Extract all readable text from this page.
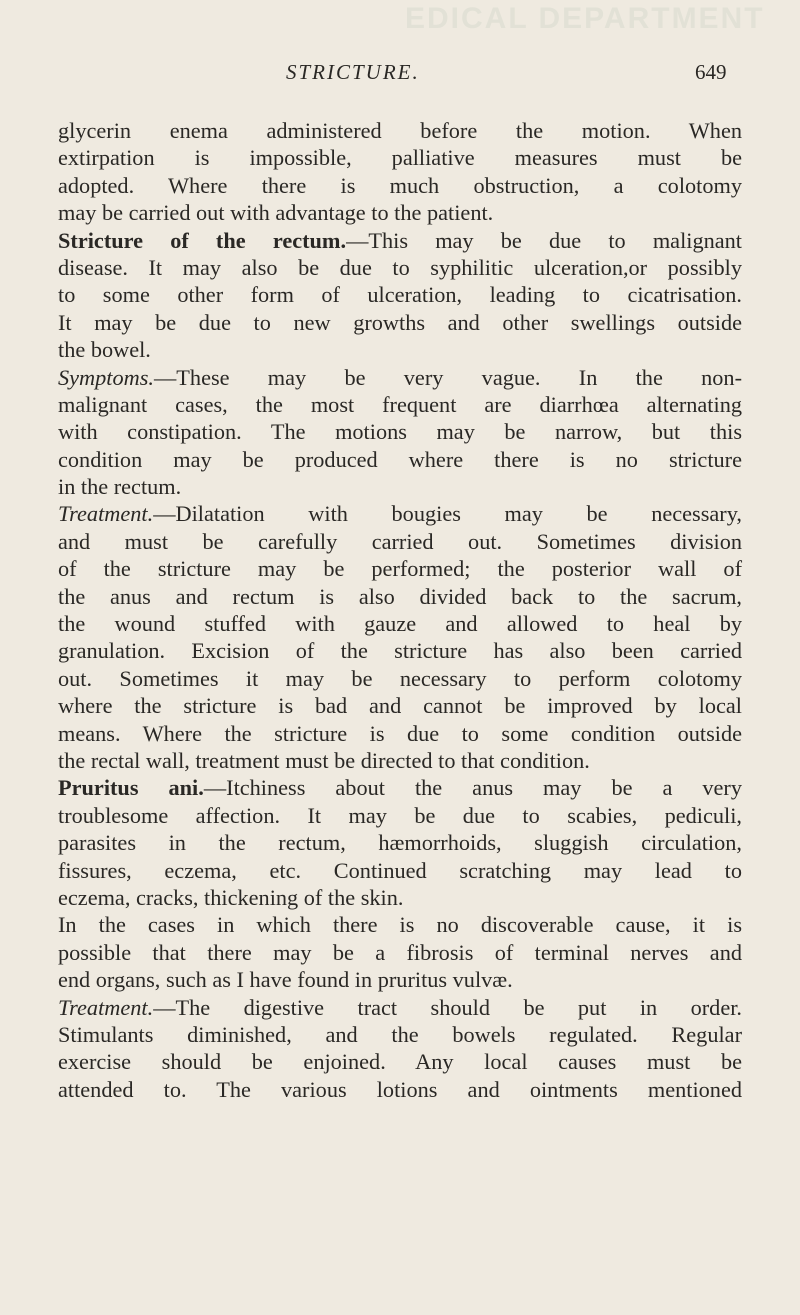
EDICAL DEPARTMENT
STRICTURE.	649
glycerin enema administered before the motion. When
extirpation is impossible, palliative measures must be
adopted. Where there is much obstruction, a colotomy
may be carried out with advantage to the patient.
Stricture of the rectum.—This may be due to malignant
disease. It may also be due to syphilitic ulceration,or possibly
to some other form of ulceration, leading to cicatrisation.
It may be due to new growths and other swellings outside
the bowel.
Symptoms.—These may be very vague. In the non-
malignant cases, the most frequent are diarrhœa alternating
with constipation. The motions may be narrow, but this
condition may be produced where there is no stricture
in the rectum.
Treatment.—Dilatation with bougies may be necessary,
and must be carefully carried out. Sometimes division
of the stricture may be performed; the posterior wall of
the anus and rectum is also divided back to the sacrum,
the wound stuffed with gauze and allowed to heal by
granulation. Excision of the stricture has also been carried
out. Sometimes it may be necessary to perform colotomy
where the stricture is bad and cannot be improved by local
means. Where the stricture is due to some condition outside
the rectal wall, treatment must be directed to that condition.
Pruritus ani.—Itchiness about the anus may be a very
troublesome affection. It may be due to scabies, pediculi,
parasites in the rectum, hæmorrhoids, sluggish circulation,
fissures, eczema, etc. Continued scratching may lead to
eczema, cracks, thickening of the skin.
In the cases in which there is no discoverable cause, it is
possible that there may be a fibrosis of terminal nerves and
end organs, such as I have found in pruritus vulvæ.
Treatment.—The digestive tract should be put in order.
Stimulants diminished, and the bowels regulated. Regular
exercise should be enjoined. Any local causes must be
attended to. The various lotions and ointments mentioned
